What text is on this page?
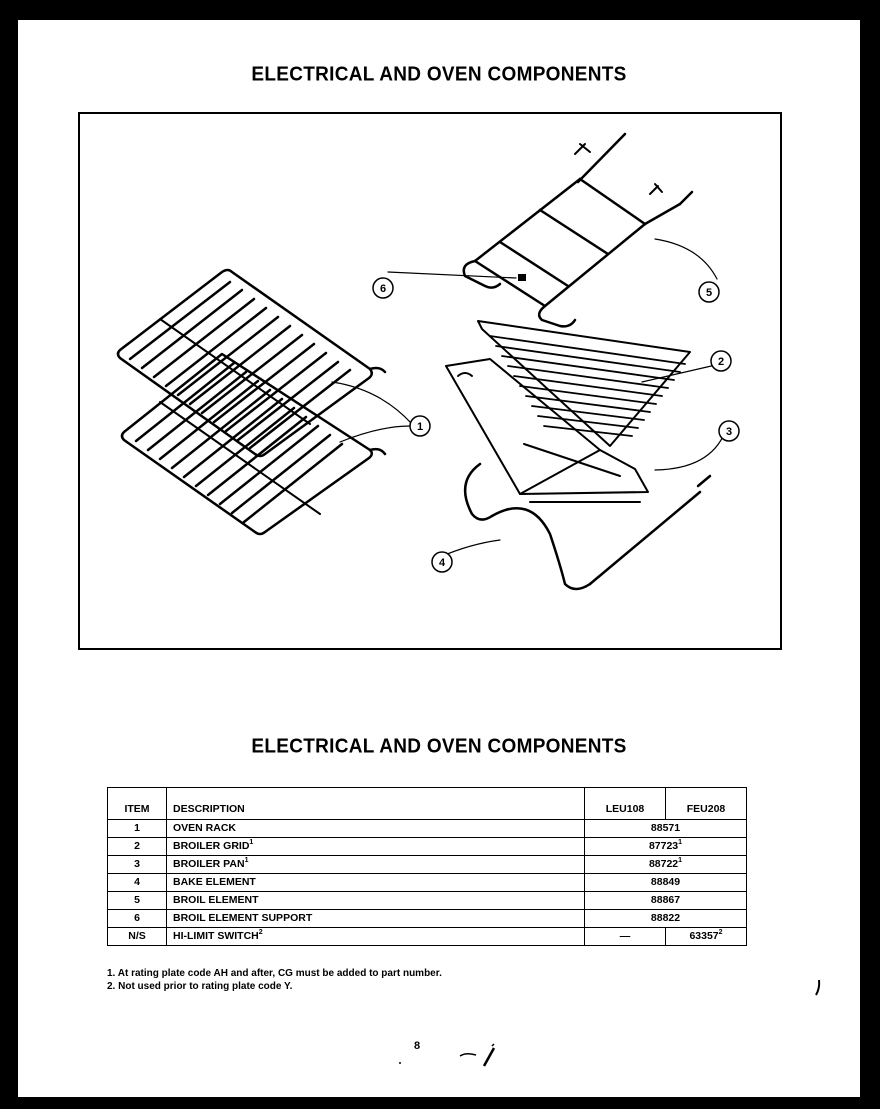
ELECTRICAL AND OVEN COMPONENTS
1
2
3
4
5
6
ELECTRICAL AND OVEN COMPONENTS
ITEM	DESCRIPTION	LEU108	FEU208
1	OVEN RACK	88571	
2	BROILER GRID$^1$	87723$^1$
3	BROILER PAN$^1$	88722$^1$
4	BAKE ELEMENT	88849	
5	BROIL ELEMENT	88867	
6	BROIL ELEMENT SUPPORT	88822	
N/S	HI-LIMIT SWITCH$^2$	—	63357$^2$
1. At rating plate code AH and after, CG must be added to part number.
2. Not used prior to rating plate code Y.
8
